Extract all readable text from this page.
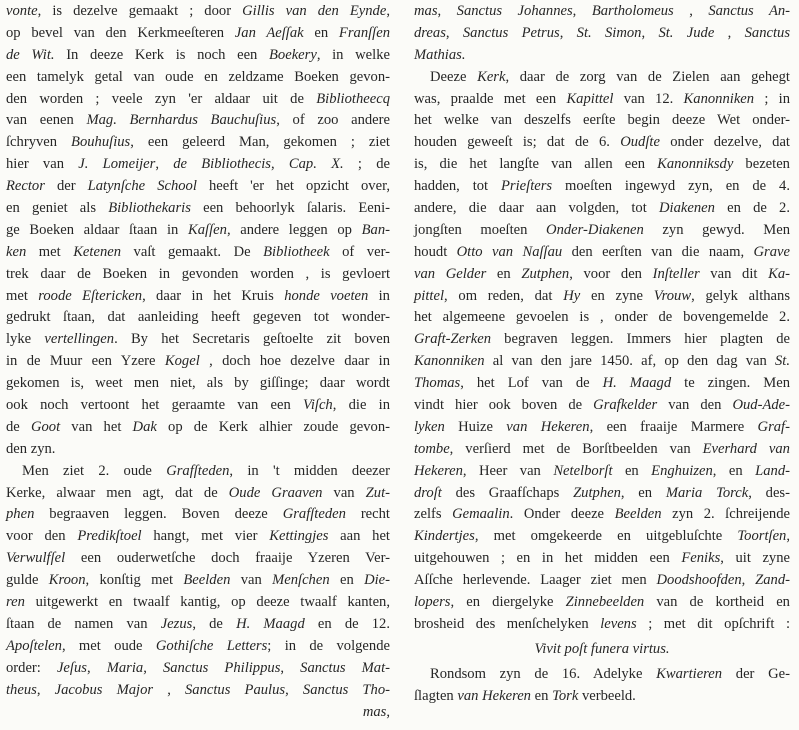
vonte, is dezelve gemaakt ; door Gillis van den Eynde,
op bevel van den Kerkmeeſteren Jan Aeſſak en Franſſen
de Wit. In deeze Kerk is noch een Boekery, in welke
een tamelyk getal van oude en zeldzame Boeken gevon-
den worden ; veele zyn 'er aldaar uit de Bibliotheecq
van eenen Mag. Bernhardus Bauchuſius, of zoo andere
ſchryven Bouhuſius, een geleerd Man, gekomen ; ziet
hier van J. Lomeijer, de Bibliothecis, Cap. X. ; de
Rector der Latynſche School heeft 'er het opzicht over,
en geniet als Bibliothekaris een behoorlyk ſalaris. Eeni-
ge Boeken aldaar ſtaan in Kaſſen, andere leggen op Ban-
ken met Ketenen vaſt gemaakt. De Bibliotheek of ver-
trek daar de Boeken in gevonden worden , is gevloert
met roode Eſtericken, daar in het Kruis honde voeten in
gedrukt ſtaan, dat aanleiding heeft gegeven tot wonder-
lyke vertellingen. By het Secretaris geſtoelte zit boven
in de Muur een Yzere Kogel , doch hoe dezelve daar in
gekomen is, weet men niet, als by giſſinge; daar wordt
ook noch vertoont het geraamte van een Viſch, die in
de Goot van het Dak op de Kerk alhier zoude gevon-
den zyn.
Men ziet 2. oude Grafſteden, in 't midden deezer
Kerke, alwaar men agt, dat de Oude Graaven van Zut-
phen begraaven leggen. Boven deeze Grafſteden recht
voor den Predikſtoel hangt, met vier Kettingjes aan het
Verwulfſel een ouderwetſche doch fraaije Yzeren Ver-
gulde Kroon, konſtig met Beelden van Menſchen en Die-
ren uitgewerkt en twaalf kantig, op deeze twaalf kanten,
ſtaan de namen van Jezus, de H. Maagd en de 12.
Apoſtelen, met oude Gothiſche Letters; in de volgende
order: Jeſus, Maria, Sanctus Philippus, Sanctus Mat-
theus, Jacobus Major , Sanctus Paulus, Sanctus Tho-
mas,
mas, Sanctus Johannes, Bartholomeus , Sanctus An-
dreas, Sanctus Petrus, St. Simon, St. Jude , Sanctus
Mathias.
Deeze Kerk, daar de zorg van de Zielen aan gehegt
was, praalde met een Kapittel van 12. Kanonniken ; in
het welke van deszelfs eerſte begin deeze Wet onder-
houden geweeſt is; dat de 6. Oudſte onder dezelve, dat
is, die het langſte van allen een Kanonniksdy bezeten
hadden, tot Prieſters moeſten ingewyd zyn, en de 4.
andere, die daar aan volgden, tot Diakenen en de 2.
jongſten moeſten Onder-Diakenen zyn gewyd. Men
houdt Otto van Naſſau den eerſten van die naam, Grave
van Gelder en Zutphen, voor den Inſteller van dit Ka-
pittel, om reden, dat Hy en zyne Vrouw, gelyk althans
het algemeene gevoelen is , onder de bovengemelde 2.
Graft-Zerken begraven leggen. Immers hier plagten de
Kanonniken al van den jare 1450. af, op den dag van St.
Thomas, het Lof van de H. Maagd te zingen. Men
vindt hier ook boven de Grafkelder van den Oud-Ade-
lyken Huize van Hekeren, een fraaije Marmere Graf-
tombe, verſierd met de Borſtbeelden van Everhard van
Hekeren, Heer van Netelborſt en Enghuizen, en Land-
droſt des Graafſchaps Zutphen, en Maria Torck, des-
zelfs Gemaalin. Onder deeze Beelden zyn 2. ſchreijende
Kindertjes, met omgekeerde en uitgebluſchte Toortſen,
uitgehouwen ; en in het midden een Feniks, uit zyne
Aſſche herlevende. Laager ziet men Doodshoofden, Zand-
lopers, en diergelyke Zinnebeelden van de kortheid en
brosheid des menſchelyken levens ; met dit opſchrift :
Vivit poſt funera virtus.
Rondsom zyn de 16. Adelyke Kwartieren der Ge-
ſlagten van Hekeren en Tork verbeeld.
